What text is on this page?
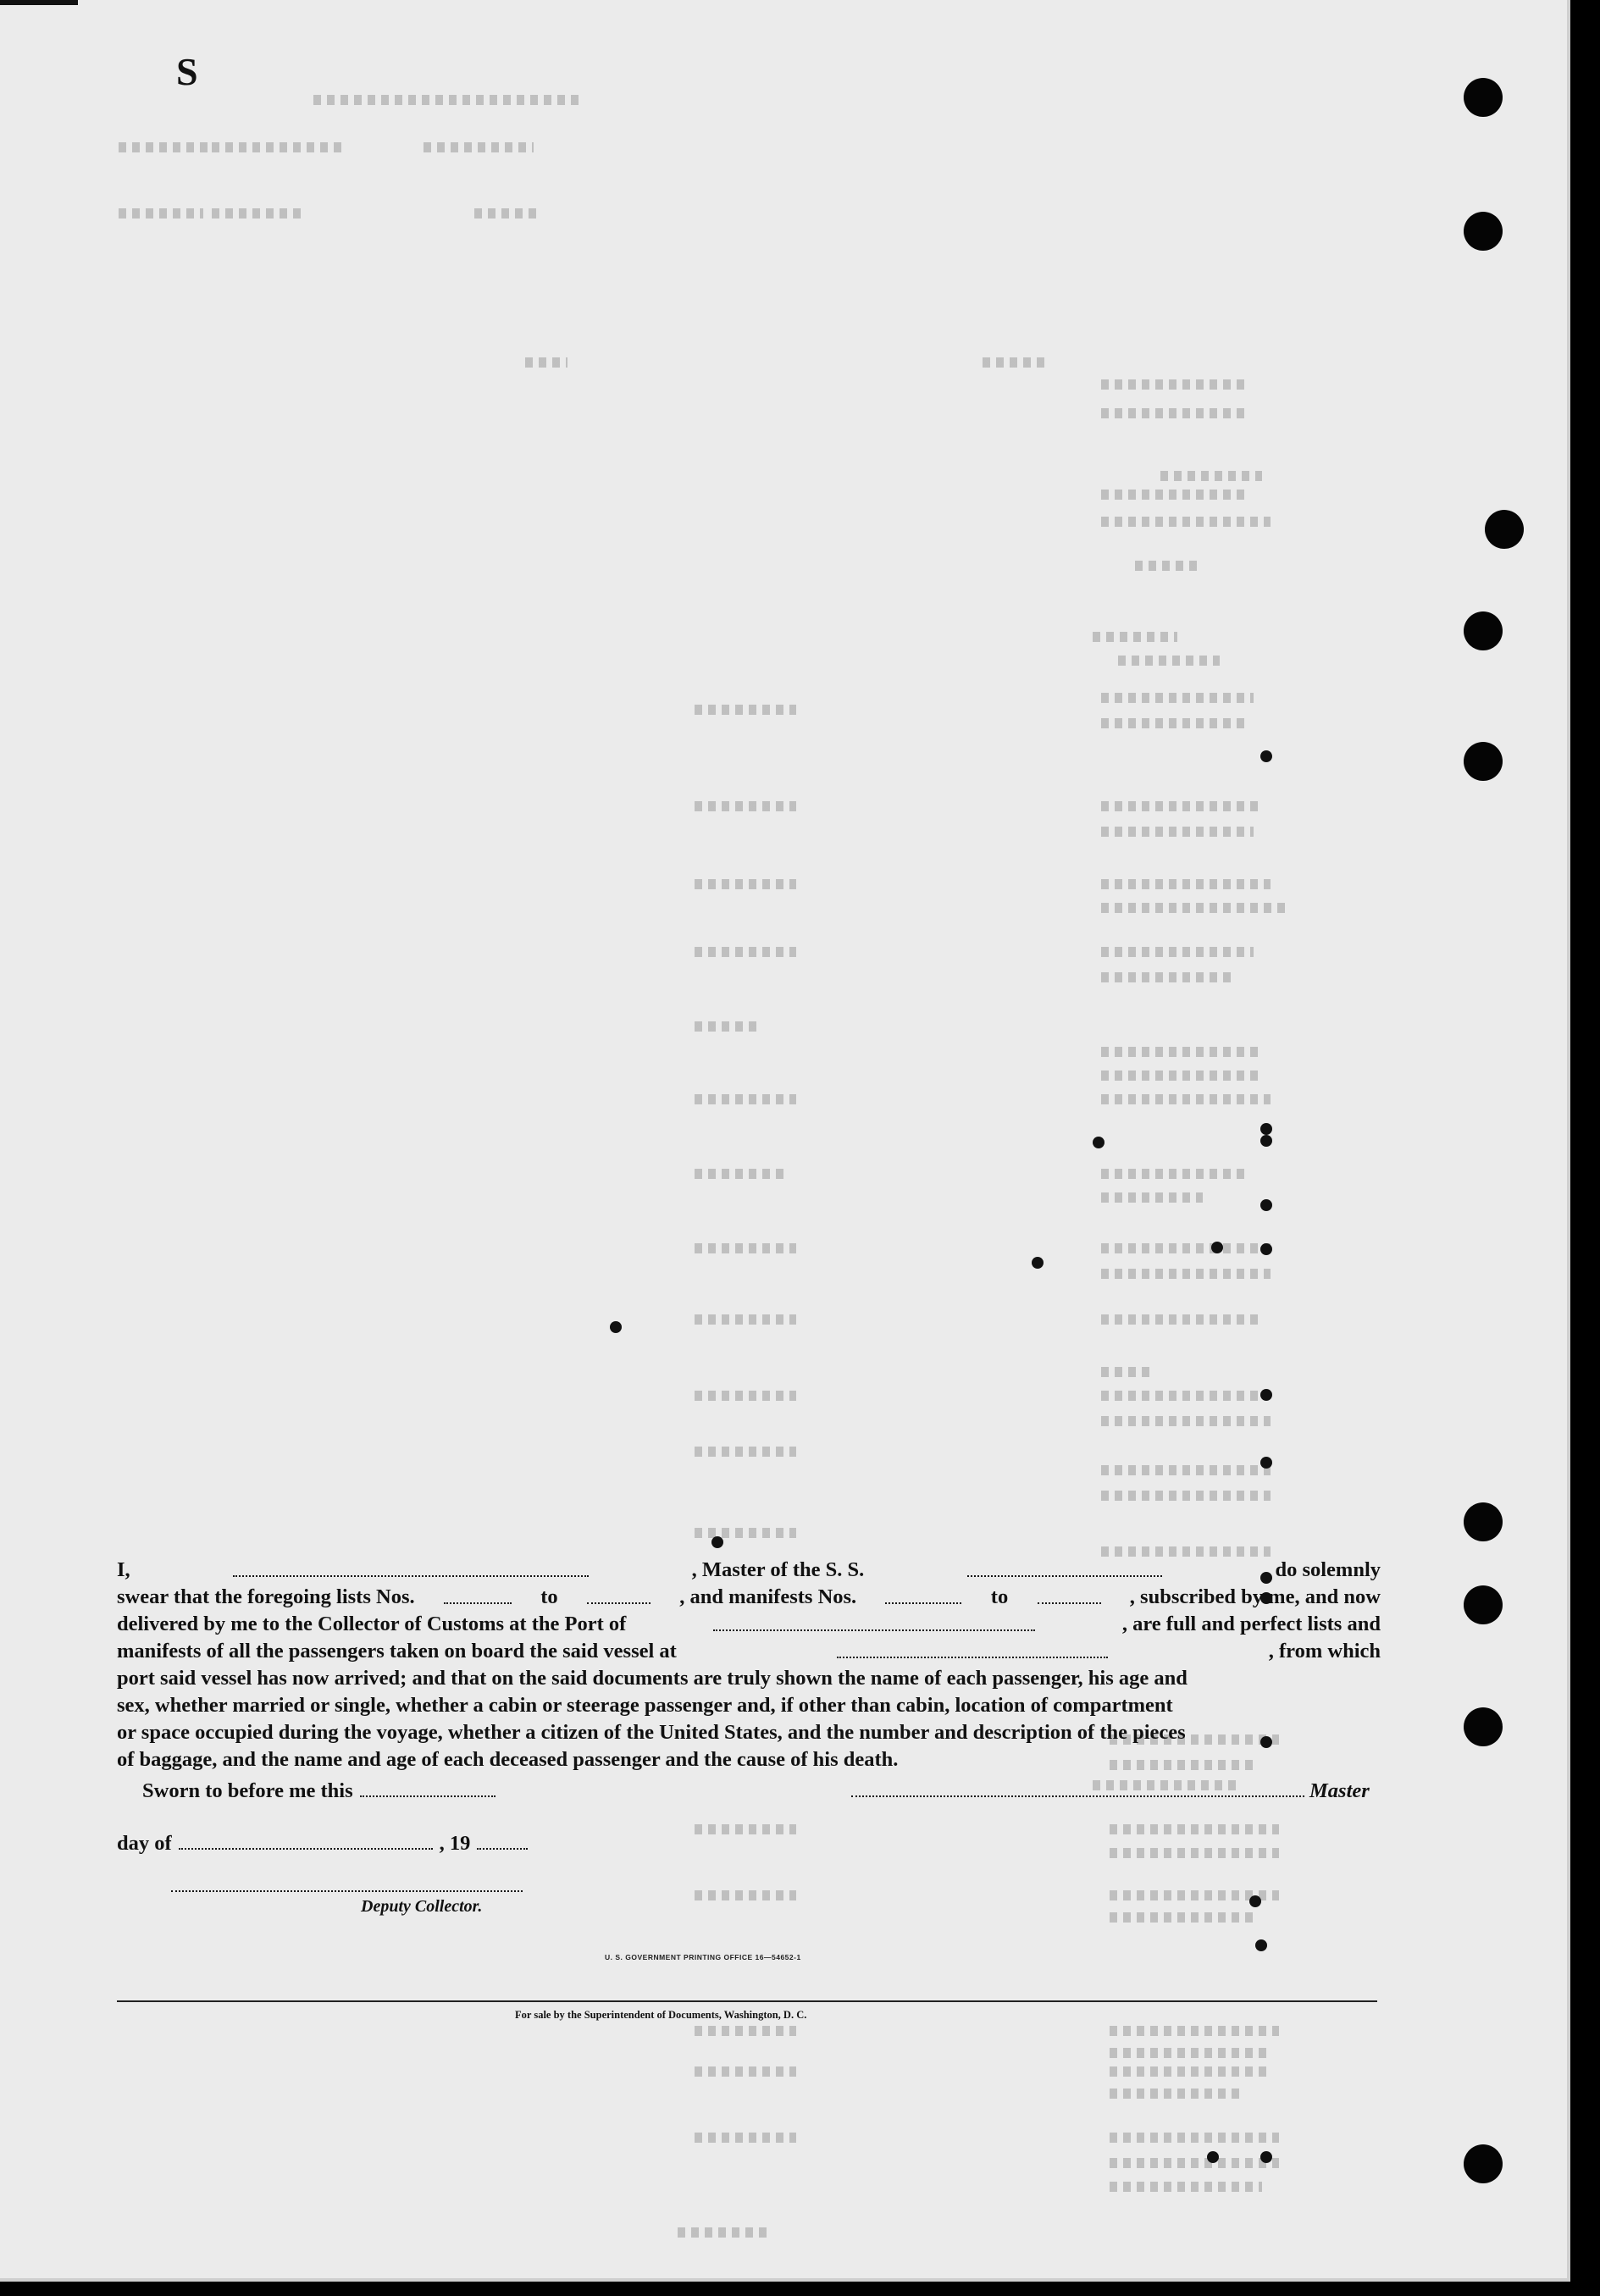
S
I,	, Master of the S. S.	, do solemnly
swear that the foregoing lists Nos.	to	, and manifests Nos.	to	, subscribed by me, and now
delivered by me to the Collector of Customs at the Port of	, are full and perfect lists and
manifests of all the passengers taken on board the said vessel at	, from which
port said vessel has now arrived; and that on the said documents are truly shown the name of each passenger, his age and
sex, whether married or single, whether a cabin or steerage passenger and, if other than cabin, location of compartment
or space occupied during the voyage, whether a citizen of the United States, and the number and description of the pieces
of baggage, and the name and age of each deceased passenger and the cause of his death.
Sworn to before me this	Master
day of	, 19
Deputy Collector.
U. S. GOVERNMENT PRINTING OFFICE 16—54652-1
For sale by the Superintendent of Documents, Washington, D. C.
